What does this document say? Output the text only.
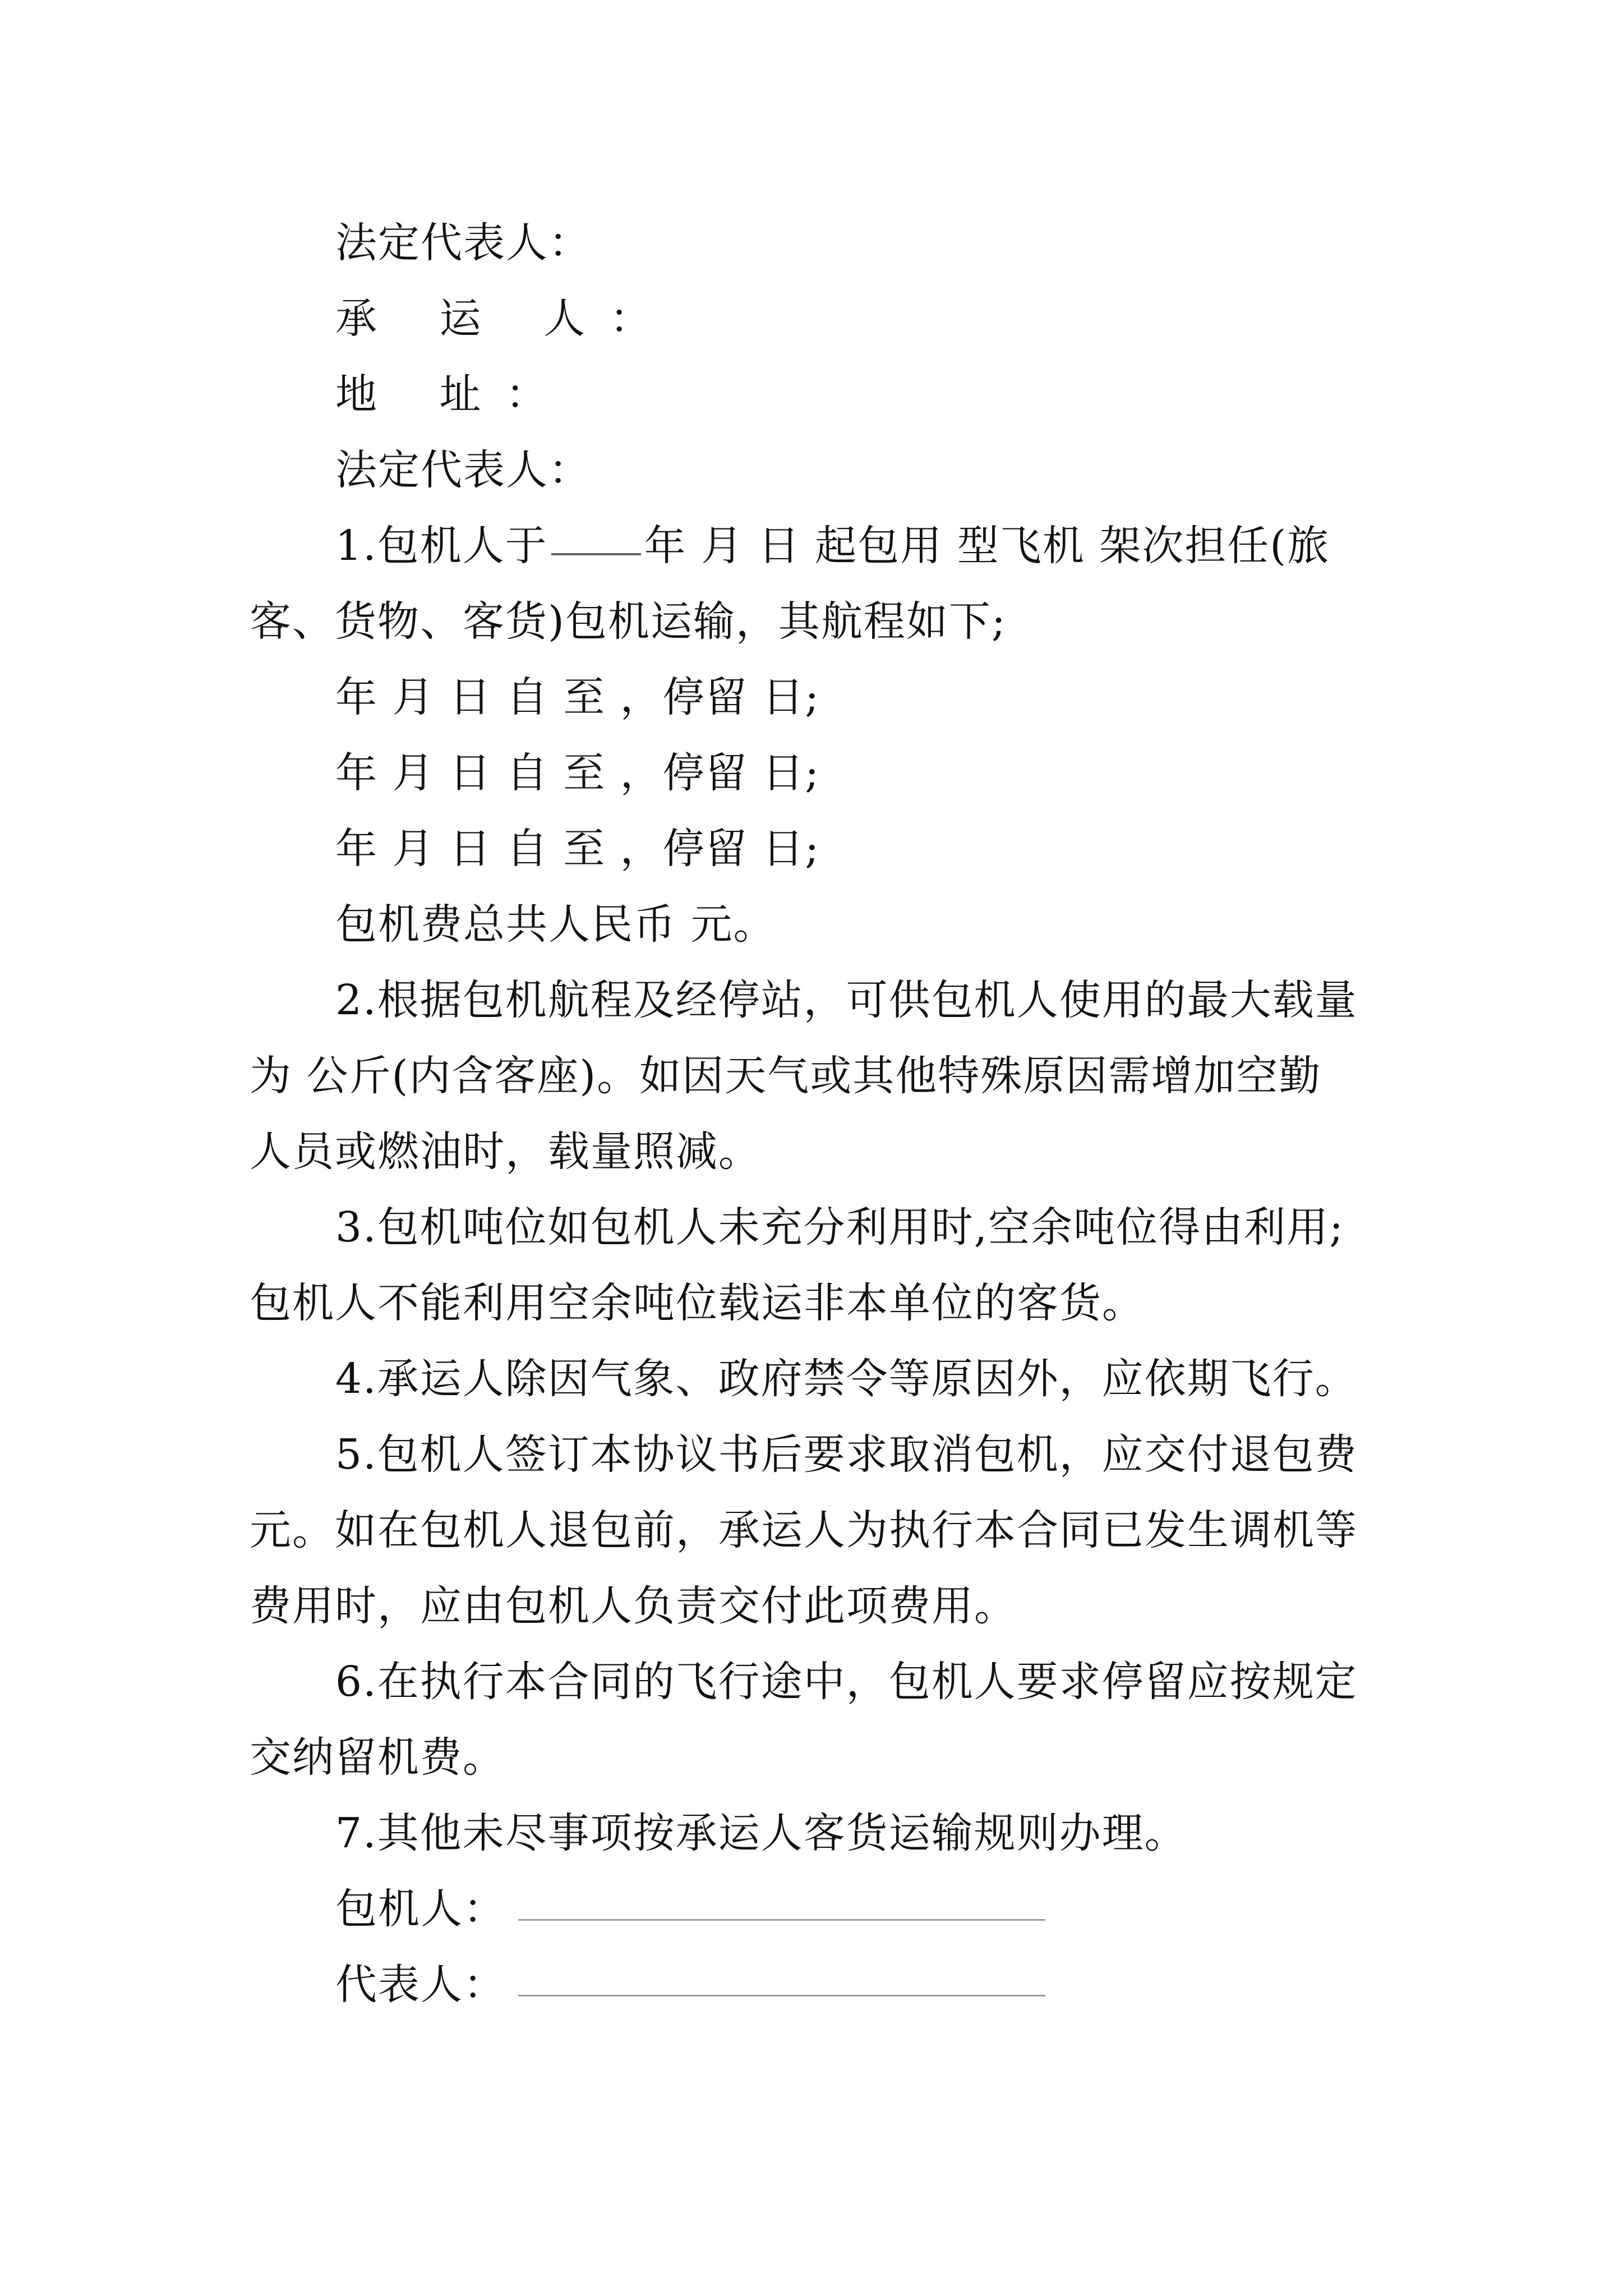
法定代表人：
承 运 人：
地 址：
法定代表人：
1.包机人于 年 月 日 起包用 型飞机 架次担任(旅
客、货物、客货)包机运输，其航程如下;
年 月 日 自 至 ，停留 日;
年 月 日 自 至 ，停留 日;
年 月 日 自 至 ，停留 日;
包机费总共人民币 元。
2.根据包机航程及经停站，可供包机人使用的最大载量
为 公斤(内含客座)。如因天气或其他特殊原因需增加空勤
人员或燃油时，载量照减。
3.包机吨位如包机人未充分利用时,空余吨位得由利用;
包机人不能利用空余吨位载运非本单位的客货。
4.承运人除因气象、政府禁令等原因外，应依期飞行。
5.包机人签订本协议书后要求取消包机，应交付退包费
元。如在包机人退包前，承运人为执行本合同已发生调机等
费用时，应由包机人负责交付此项费用。
6.在执行本合同的飞行途中，包机人要求停留应按规定
交纳留机费。
7.其他未尽事项按承运人客货运输规则办理。
包机人：
代表人：
